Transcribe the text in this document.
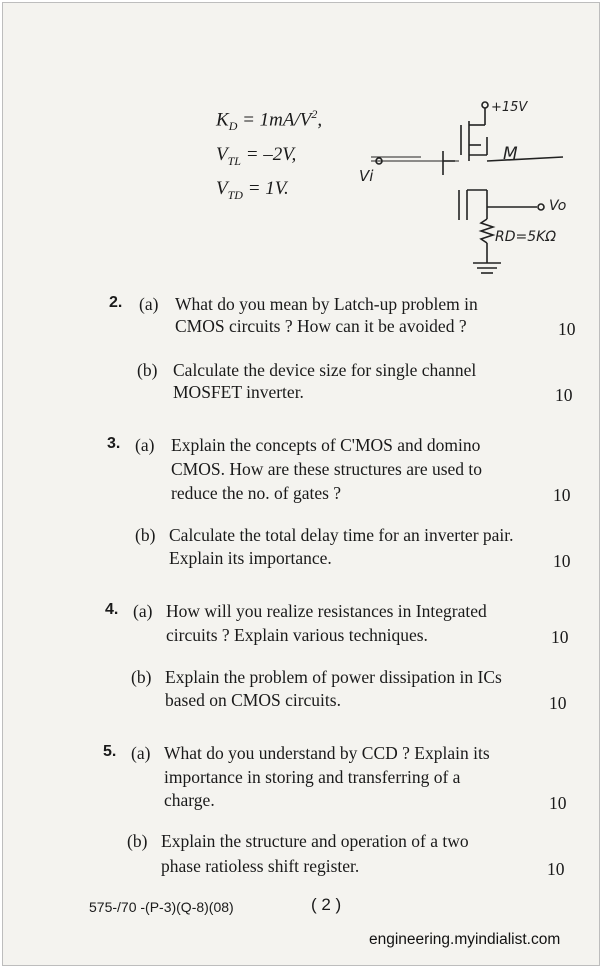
$K_D = 1mA/V^2$,
$V_{TL} = -2V$,
$V_{TD} = 1V$.
+15V
M
Vi
Vo
RD=5KΩ
2. (a) What do you mean by Latch-up problem in
CMOS circuits ? How can it be avoided ?	10
(b) Calculate the device size for single channel
MOSFET inverter.	10
3. (a) Explain the concepts of C'MOS and domino
CMOS. How are these structures are used to
reduce the no. of gates ?	10
(b) Calculate the total delay time for an inverter pair.
Explain its importance.	10
4. (a) How will you realize resistances in Integrated
circuits ? Explain various techniques.	10
(b) Explain the problem of power dissipation in ICs
based on CMOS circuits.	10
5. (a) What do you understand by CCD ? Explain its
importance in storing and transferring of a
charge.	10
(b) Explain the structure and operation of a two
phase ratioless shift register.	10
575-/70 -(P-3)(Q-8)(08)	( 2 )
engineering.myindialist.com
